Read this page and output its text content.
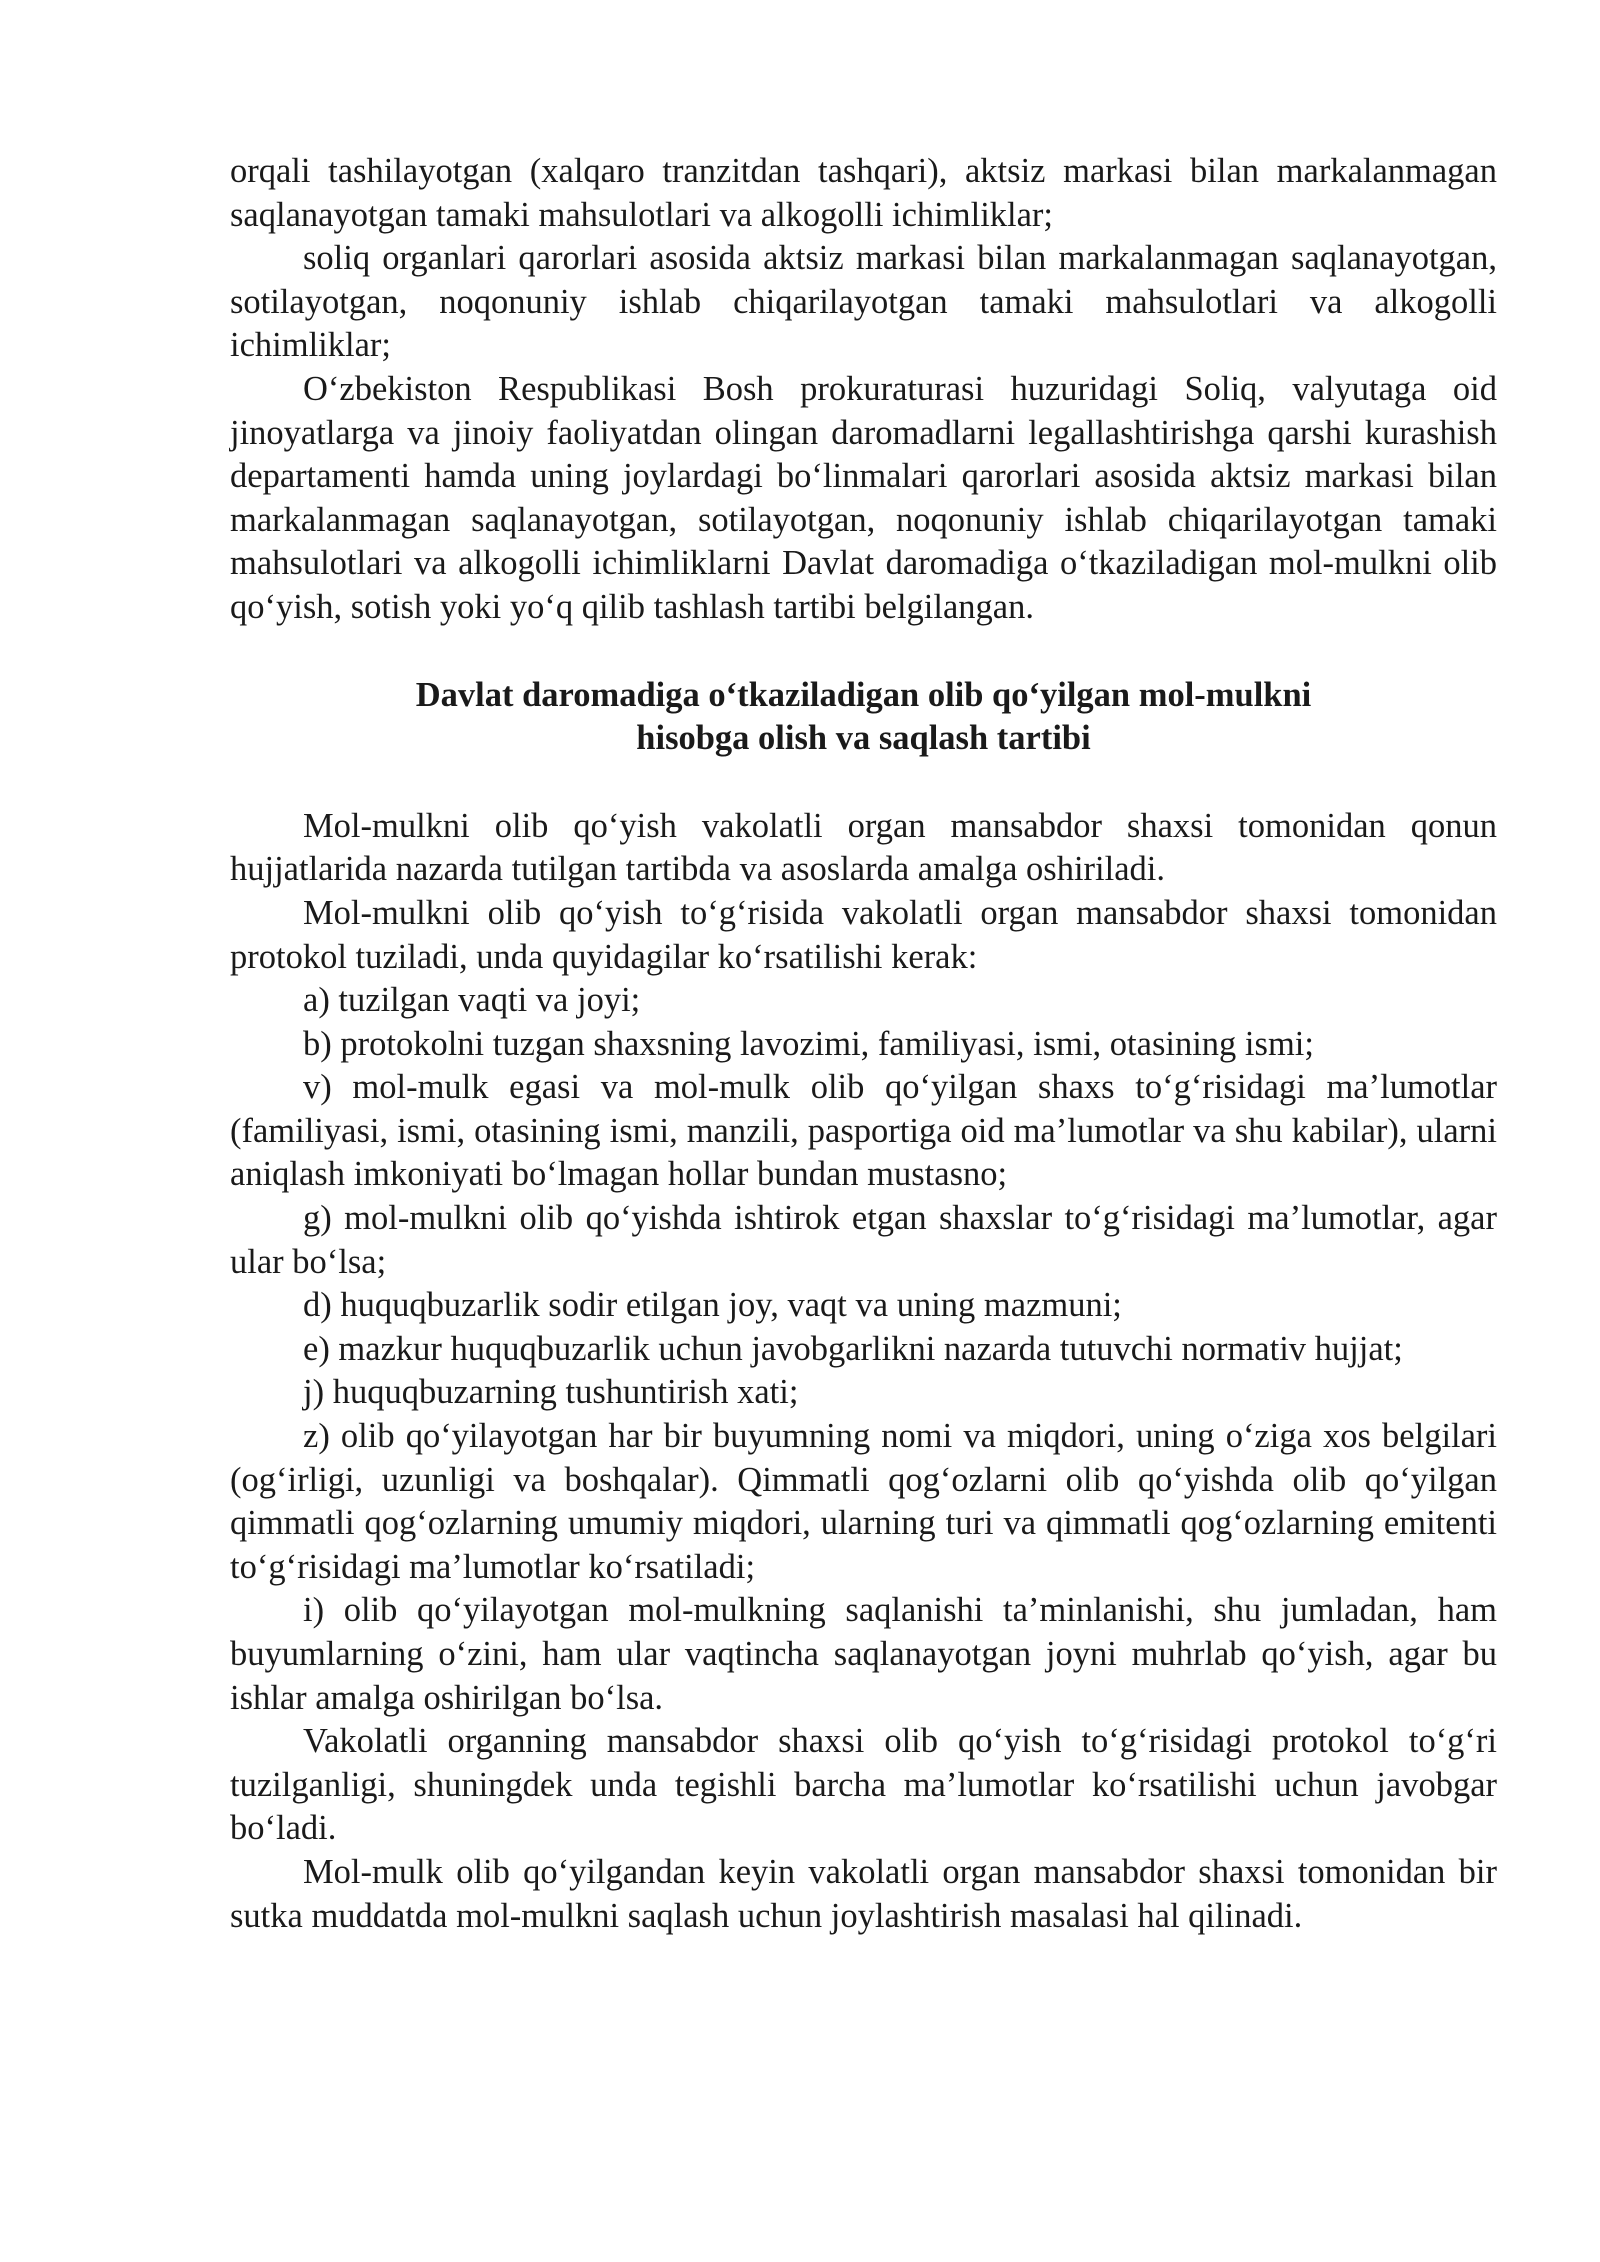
orqali tashilayotgan (xalqaro tranzitdan tashqari), aktsiz markasi bilan markalanmagan saqlanayotgan tamaki mahsulotlari va alkogolli ichimliklar;

soliq organlari qarorlari asosida aktsiz markasi bilan markalanmagan saqlanayotgan, sotilayotgan, noqonuniy ishlab chiqarilayotgan tamaki mahsulotlari va alkogolli ichimliklar;

O‘zbekiston Respublikasi Bosh prokuraturasi huzuridagi Soliq, valyutaga oid jinoyatlarga va jinoiy faoliyatdan olingan daromadlarni legallashtirishga qarshi kurashish departamenti hamda uning joylardagi bo‘linmalari qarorlari asosida aktsiz markasi bilan markalanmagan saqlanayotgan, sotilayotgan, noqonuniy ishlab chiqarilayotgan tamaki mahsulotlari va alkogolli ichimliklarni Davlat daromadiga o‘tkaziladigan mol-mulkni olib qo‘yish, sotish yoki yo‘q qilib tashlash tartibi belgilangan.

Davlat daromadiga o‘tkaziladigan olib qo‘yilgan mol-mulkni

hisobga olish va saqlash tartibi

Mol-mulkni olib qo‘yish vakolatli organ mansabdor shaxsi tomonidan qonun hujjatlarida nazarda tutilgan tartibda va asoslarda amalga oshiriladi.

Mol-mulkni olib qo‘yish to‘g‘risida vakolatli organ mansabdor shaxsi tomonidan protokol tuziladi, unda quyidagilar ko‘rsatilishi kerak:

a) tuzilgan vaqti va joyi;

b) protokolni tuzgan shaxsning lavozimi, familiyasi, ismi, otasining ismi;

v) mol-mulk egasi va mol-mulk olib qo‘yilgan shaxs to‘g‘risidagi ma’lumotlar (familiyasi, ismi, otasining ismi, manzili, pasportiga oid ma’lumotlar va shu kabilar), ularni aniqlash imkoniyati bo‘lmagan hollar bundan mustasno;

g) mol-mulkni olib qo‘yishda ishtirok etgan shaxslar to‘g‘risidagi ma’lumotlar, agar ular bo‘lsa;

d) huquqbuzarlik sodir etilgan joy, vaqt va uning mazmuni;

e) mazkur huquqbuzarlik uchun javobgarlikni nazarda tutuvchi normativ hujjat;

j) huquqbuzarning tushuntirish xati;

z) olib qo‘yilayotgan har bir buyumning nomi va miqdori, uning o‘ziga xos belgilari (og‘irligi, uzunligi va boshqalar). Qimmatli qog‘ozlarni olib qo‘yishda olib qo‘yilgan qimmatli qog‘ozlarning umumiy miqdori, ularning turi va qimmatli qog‘ozlarning emitenti to‘g‘risidagi ma’lumotlar ko‘rsatiladi;

i) olib qo‘yilayotgan mol-mulkning saqlanishi ta’minlanishi, shu jumladan, ham buyumlarning o‘zini, ham ular vaqtincha saqlanayotgan joyni muhrlab qo‘yish, agar bu ishlar amalga oshirilgan bo‘lsa.

Vakolatli organning mansabdor shaxsi olib qo‘yish to‘g‘risidagi protokol to‘g‘ri tuzilganligi, shuningdek unda tegishli barcha ma’lumotlar ko‘rsatilishi uchun javobgar bo‘ladi.

Mol-mulk olib qo‘yilgandan keyin vakolatli organ mansabdor shaxsi tomonidan bir sutka muddatda mol-mulkni saqlash uchun joylashtirish masalasi hal qilinadi.
